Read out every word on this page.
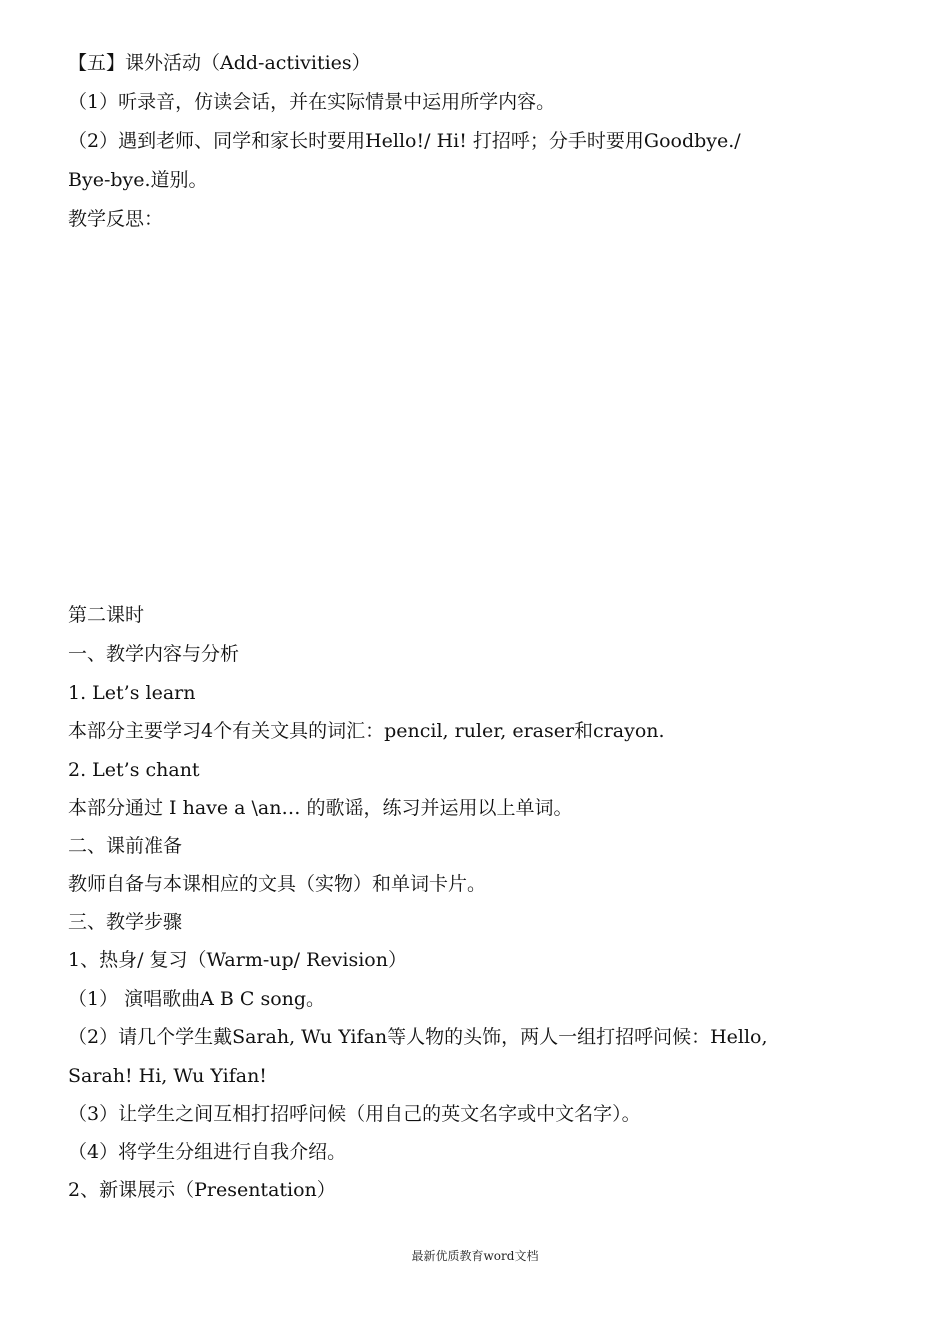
【五】课外活动（Add-activities）
（1）听录音，仿读会话，并在实际情景中运用所学内容。
（2）遇到老师、同学和家长时要用Hello!/ Hi! 打招呼；分手时要用Goodbye./
Bye-bye.道别。
教学反思：
第二课时
一、教学内容与分析
1. Let’s learn
本部分主要学习4个有关文具的词汇：pencil, ruler, eraser和crayon.
2. Let’s chant
本部分通过 I have a \an… 的歌谣，练习并运用以上单词。
二、课前准备
教师自备与本课相应的文具（实物）和单词卡片。
三、教学步骤
1、热身/ 复习（Warm-up/ Revision）
（1） 演唱歌曲A B C song。
（2）请几个学生戴Sarah, Wu Yifan等人物的头饰，两人一组打招呼问候：Hello,
Sarah! Hi, Wu Yifan!
（3）让学生之间互相打招呼问候（用自己的英文名字或中文名字）。
（4）将学生分组进行自我介绍。
2、新课展示（Presentation）
最新优质教育word文档
